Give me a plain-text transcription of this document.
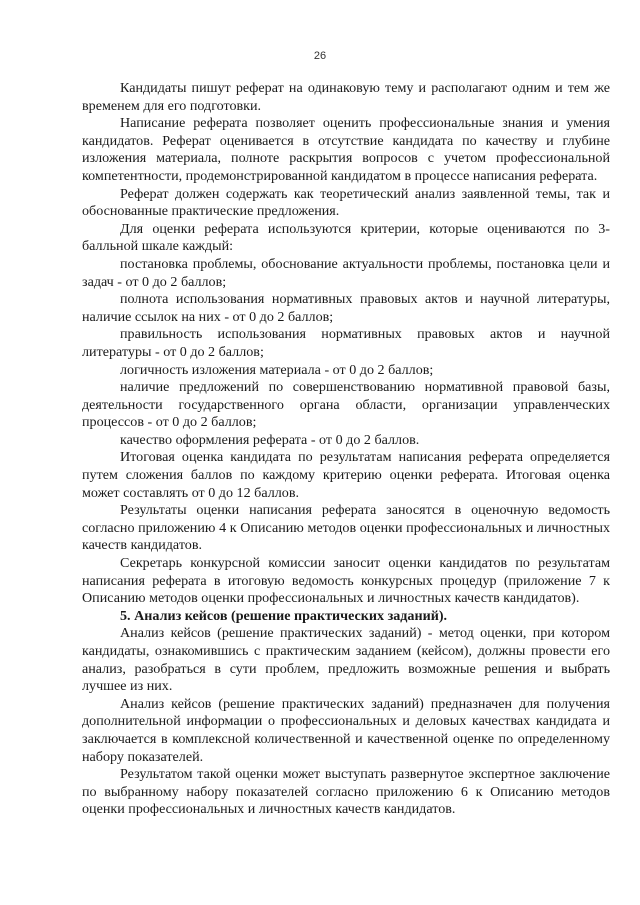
26

Кандидаты пишут реферат на одинаковую тему и располагают одним и тем же временем для его подготовки.

Написание реферата позволяет оценить профессиональные знания и умения кандидатов. Реферат оценивается в отсутствие кандидата по качеству и глубине изложения материала, полноте раскрытия вопросов с учетом профессиональной компетентности, продемонстрированной кандидатом в процессе написания реферата.

Реферат должен содержать как теоретический анализ заявленной темы, так и обоснованные практические предложения.

Для оценки реферата используются критерии, которые оцениваются по 3-балльной шкале каждый:

постановка проблемы, обоснование актуальности проблемы, постановка цели и задач - от 0 до 2 баллов;

полнота использования нормативных правовых актов и научной литературы, наличие ссылок на них - от 0 до 2 баллов;

правильность использования нормативных правовых актов и научной литературы - от 0 до 2 баллов;

логичность изложения материала - от 0 до 2 баллов;

наличие предложений по совершенствованию нормативной правовой базы, деятельности государственного органа области, организации управленческих процессов - от 0 до 2 баллов;

качество оформления реферата - от 0 до 2 баллов.

Итоговая оценка кандидата по результатам написания реферата определяется путем сложения баллов по каждому критерию оценки реферата. Итоговая оценка может составлять от 0 до 12 баллов.

Результаты оценки написания реферата заносятся в оценочную ведомость согласно приложению 4 к Описанию методов оценки профессиональных и личностных качеств кандидатов.

Секретарь конкурсной комиссии заносит оценки кандидатов по результатам написания реферата в итоговую ведомость конкурсных процедур (приложение 7 к Описанию методов оценки профессиональных и личностных качеств кандидатов).

5. Анализ кейсов (решение практических заданий).

Анализ кейсов (решение практических заданий) - метод оценки, при котором кандидаты, ознакомившись с практическим заданием (кейсом), должны провести его анализ, разобраться в сути проблем, предложить возможные решения и выбрать лучшее из них.

Анализ кейсов (решение практических заданий) предназначен для получения дополнительной информации о профессиональных и деловых качествах кандидата и заключается в комплексной количественной и качественной оценке по определенному набору показателей.

Результатом такой оценки может выступать развернутое экспертное заключение по выбранному набору показателей согласно приложению 6 к Описанию методов оценки профессиональных и личностных качеств кандидатов.
